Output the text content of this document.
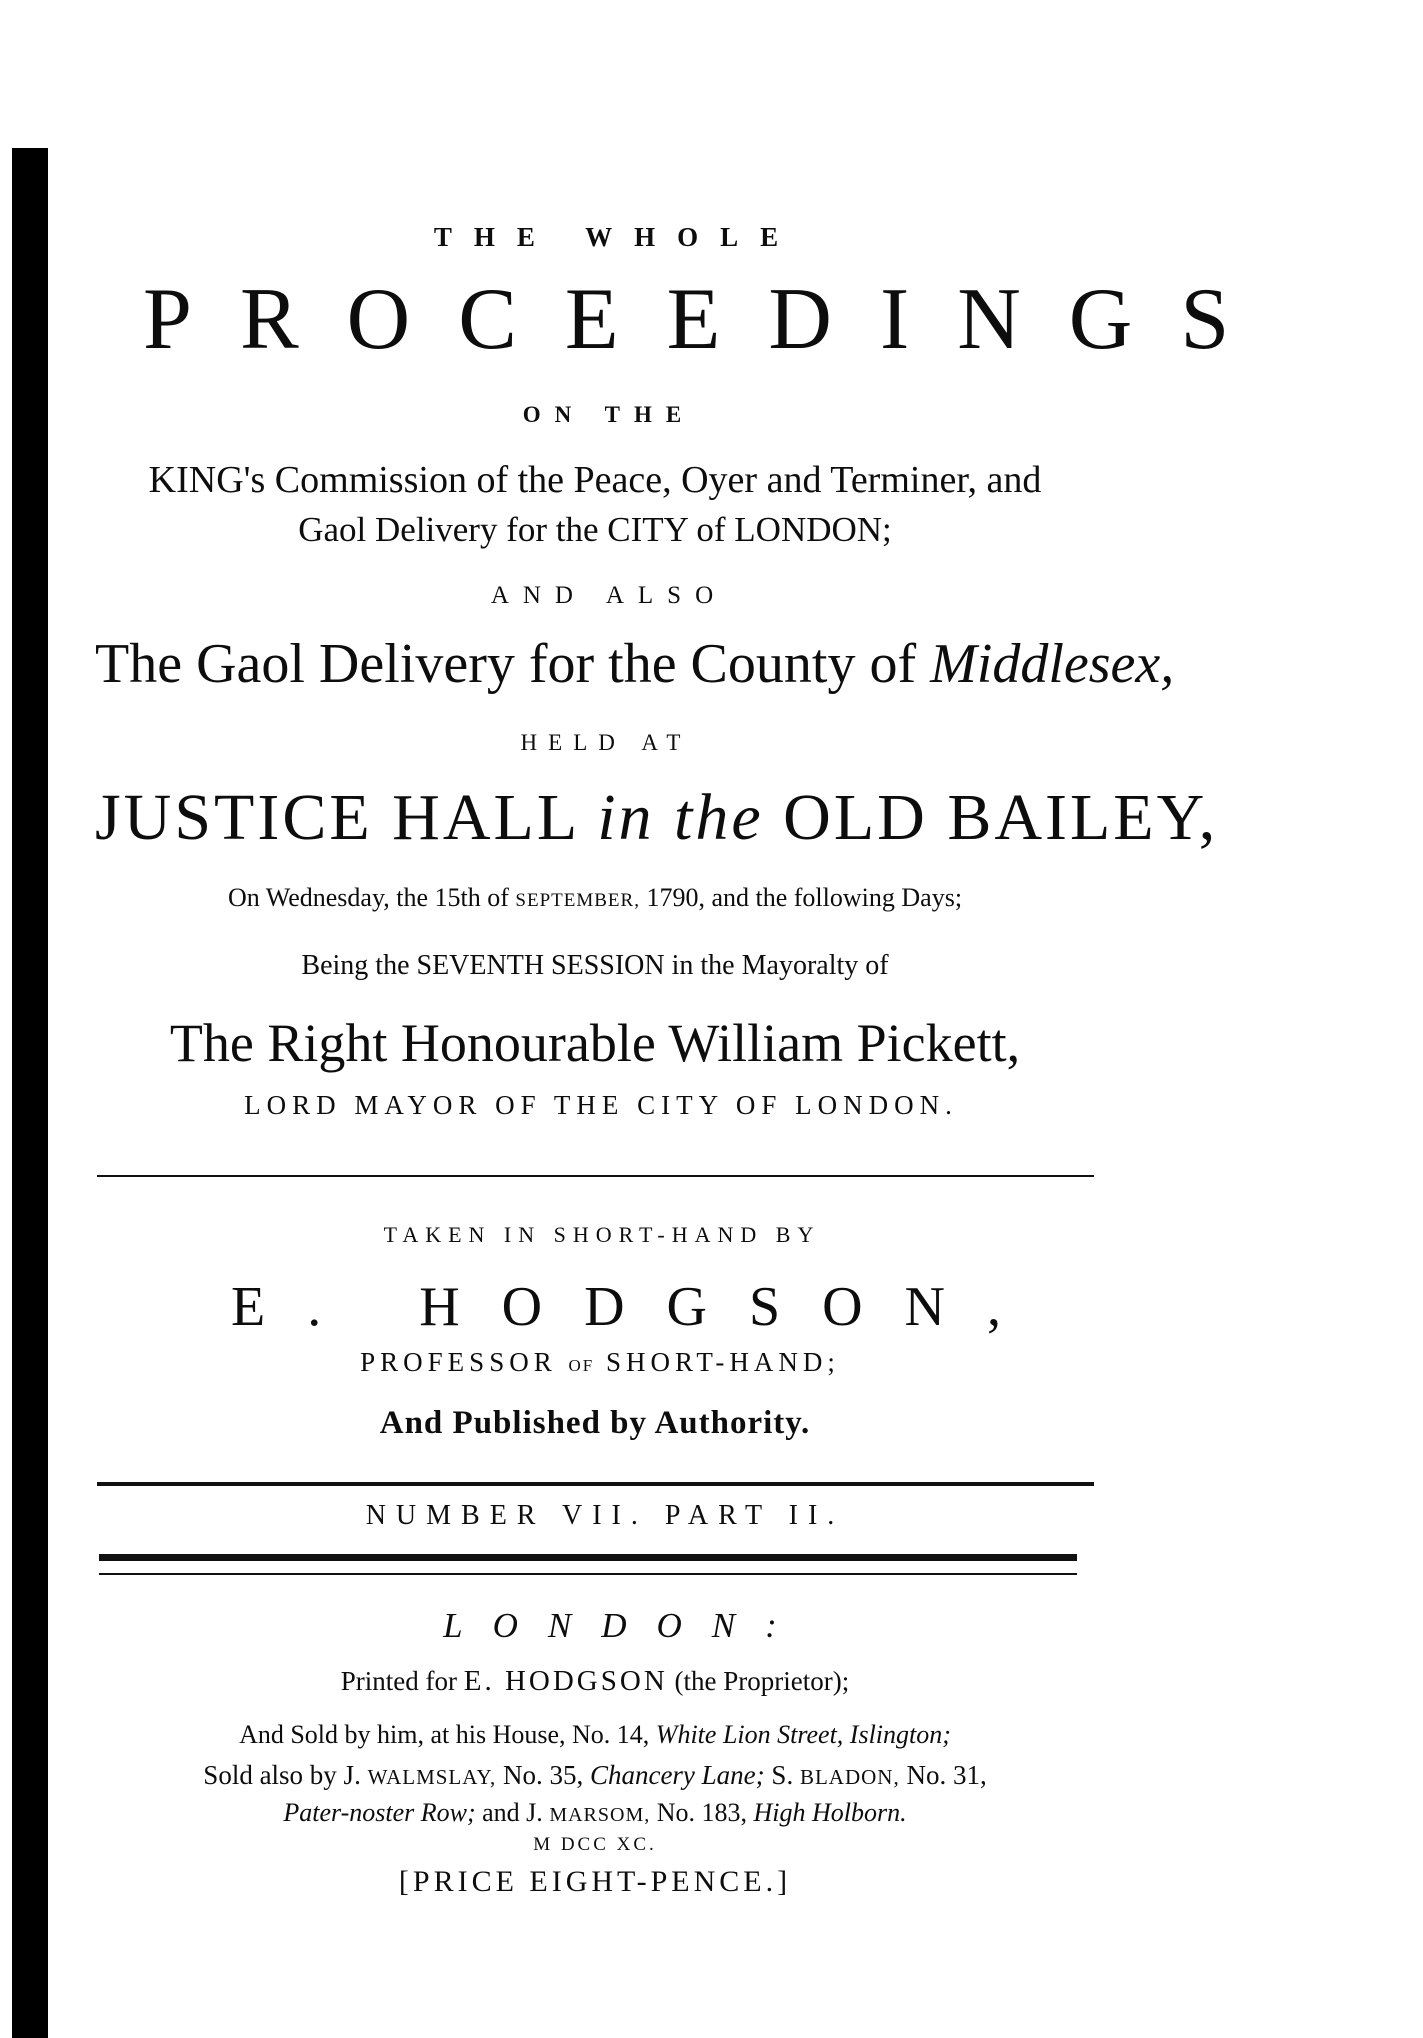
THE WHOLE
PROCEEDINGS
ON THE
KING's Commission of the Peace, Oyer and Terminer, and
Gaol Delivery for the CITY of LONDON;
AND ALSO
The Gaol Delivery for the County of Middlesex,
HELD AT
JUSTICE HALL in the OLD BAILEY,
On Wednesday, the 15th of SEPTEMBER, 1790, and the following Days;
Being the SEVENTH SESSION in the Mayoralty of
The Right Honourable William Pickett,
LORD MAYOR OF THE CITY OF LONDON.
TAKEN IN SHORT-HAND BY
E. HODGSON,
PROFESSOR OF SHORT-HAND;
And Published by Authority.
NUMBER VII. PART II.
LONDON:
Printed for E. HODGSON (the Proprietor);
And Sold by him, at his House, No. 14, White Lion Street, Islington;
Sold also by J. WALMSLAY, No. 35, Chancery Lane; S. BLADON, No. 31,
Pater-noster Row; and J. MARSOM, No. 183, High Holborn.
M DCC XC.
[PRICE EIGHT-PENCE.]
